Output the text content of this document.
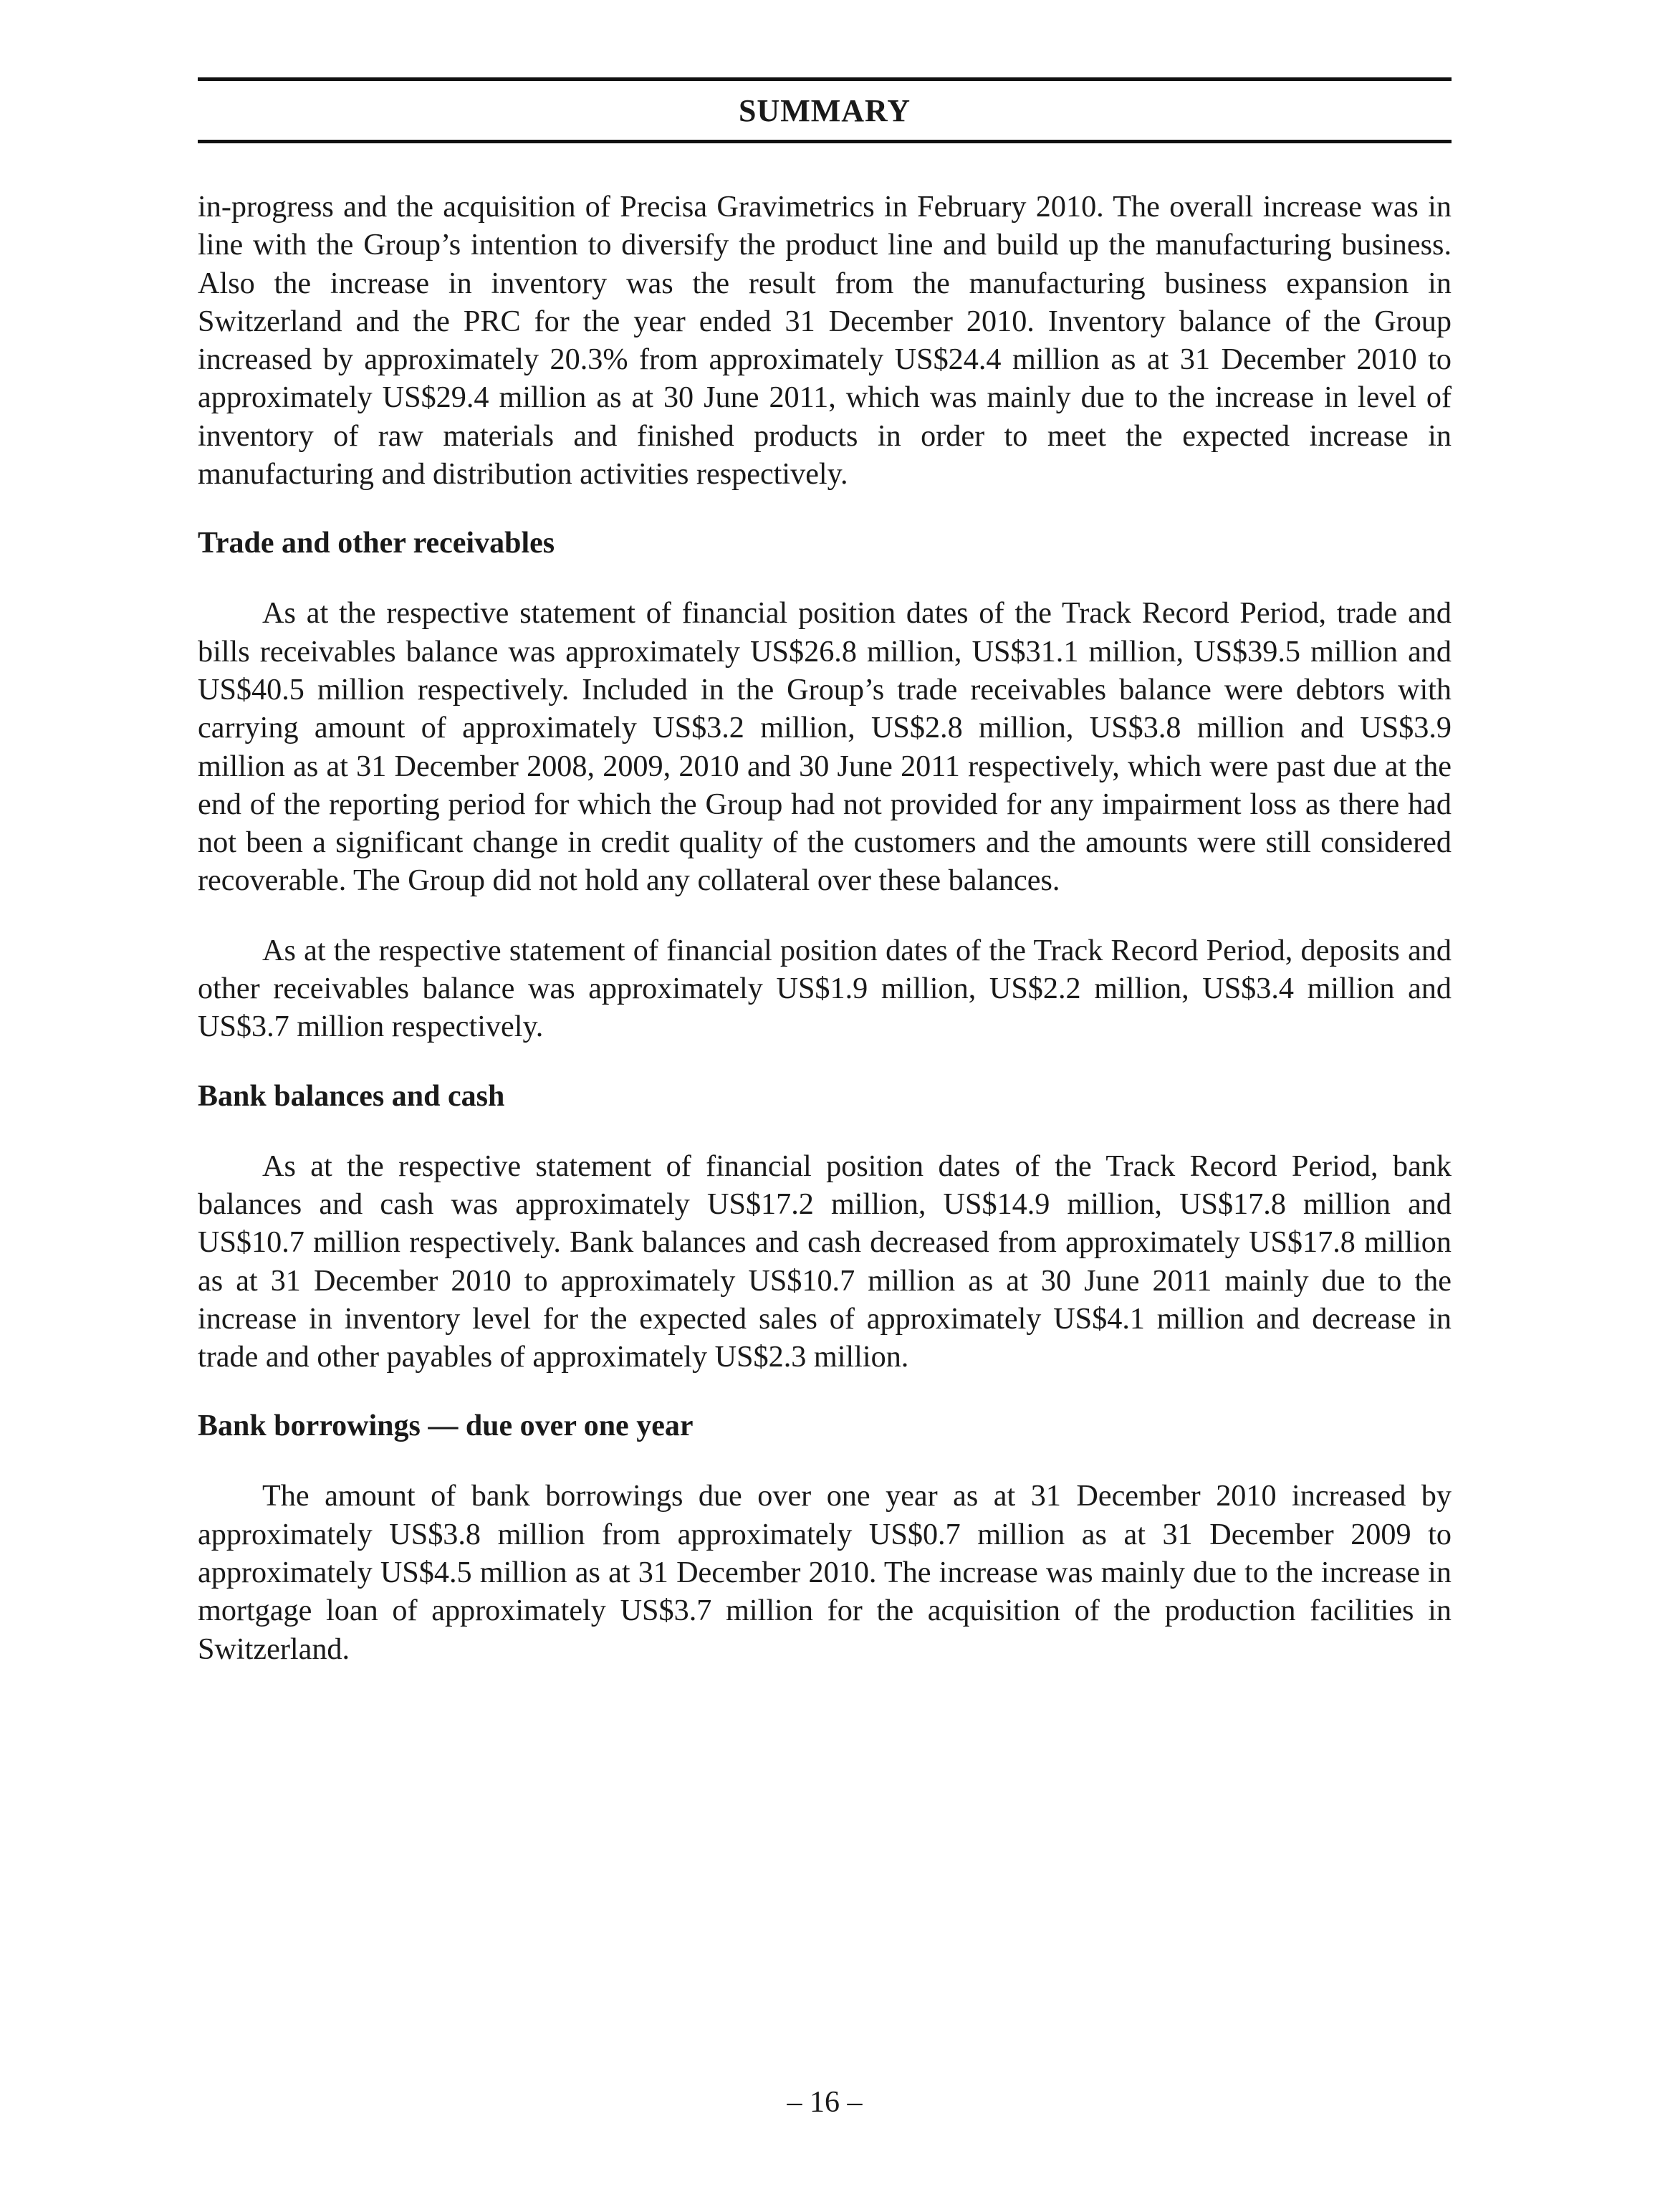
SUMMARY

in-progress and the acquisition of Precisa Gravimetrics in February 2010. The overall increase was in line with the Group’s intention to diversify the product line and build up the manufacturing business. Also the increase in inventory was the result from the manufacturing business expansion in Switzerland and the PRC for the year ended 31 December 2010. Inventory balance of the Group increased by approximately 20.3% from approximately US$24.4 million as at 31 December 2010 to approximately US$29.4 million as at 30 June 2011, which was mainly due to the increase in level of inventory of raw materials and finished products in order to meet the expected increase in manufacturing and distribution activities respectively.

Trade and other receivables

As at the respective statement of financial position dates of the Track Record Period, trade and bills receivables balance was approximately US$26.8 million, US$31.1 million, US$39.5 million and US$40.5 million respectively. Included in the Group’s trade receivables balance were debtors with carrying amount of approximately US$3.2 million, US$2.8 million, US$3.8 million and US$3.9 million as at 31 December 2008, 2009, 2010 and 30 June 2011 respectively, which were past due at the end of the reporting period for which the Group had not provided for any impairment loss as there had not been a significant change in credit quality of the customers and the amounts were still considered recoverable. The Group did not hold any collateral over these balances.

As at the respective statement of financial position dates of the Track Record Period, deposits and other receivables balance was approximately US$1.9 million, US$2.2 million, US$3.4 million and US$3.7 million respectively.

Bank balances and cash

As at the respective statement of financial position dates of the Track Record Period, bank balances and cash was approximately US$17.2 million, US$14.9 million, US$17.8 million and US$10.7 million respectively. Bank balances and cash decreased from approximately US$17.8 million as at 31 December 2010 to approximately US$10.7 million as at 30 June 2011 mainly due to the increase in inventory level for the expected sales of approximately US$4.1 million and decrease in trade and other payables of approximately US$2.3 million.

Bank borrowings — due over one year

The amount of bank borrowings due over one year as at 31 December 2010 increased by approximately US$3.8 million from approximately US$0.7 million as at 31 December 2009 to approximately US$4.5 million as at 31 December 2010. The increase was mainly due to the increase in mortgage loan of approximately US$3.7 million for the acquisition of the production facilities in Switzerland.

– 16 –
